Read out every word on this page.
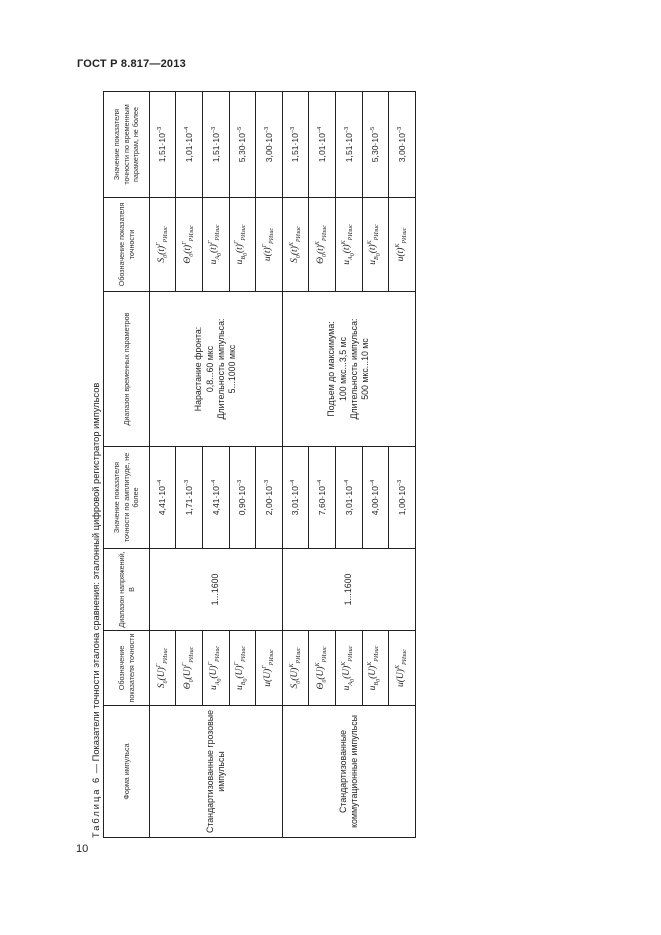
ГОСТ Р 8.817—2013
Таблица 6 — Показатели точности эталона сравнения: эталонный цифровой регистратор импульсов	Форма импульса	Обозначение показателя точности	Диапазон напряжений, В	Значение показателя точности по амплитуде, не более	Диапазон временных параметров	Обозначение показателя точности	Значение показателя точности по временным параметрам, не более
Стандартизованные грозовые импульсы	$S_0(U)^Г_{РИзис}$	1...1600	$4,41\cdot 10^{-4}$	Нарастание фронта: 0,8...60 мкс Длительность импульса: 5...1000 мкс	$S_0(t)^Г_{РИзис}$	$1,51\cdot 10^{-3}$
	$\Theta_0(U)^Г_{РИзис}$		$1,71\cdot 10^{-3}$		$\Theta_0(t)^Г_{РИзис}$	$1,01\cdot 10^{-4}$
	$u_{A_0}(U)^Г_{РИзис}$		$4,41\cdot 10^{-4}$		$u_{A_0}(t)^Г_{РИзис}$	$1,51\cdot 10^{-3}$
	$u_{B_0}(U)^Г_{РИзис}$		$0,90\cdot 10^{-3}$		$u_{B_0}(t)^Г_{РИзис}$	$5,30\cdot 10^{-5}$
	$u(U)^Г_{РИзис}$		$2,00\cdot 10^{-3}$		$u(t)^Г_{РИзис}$	$3,00\cdot 10^{-3}$
Стандартизованные коммутационные импульсы	$S_0(U)^К_{РИзис}$	1...1600	$3,01\cdot 10^{-4}$	Подъем до максимума: 100 мкс...3,5 мс Длительность импульса: 500 мкс...10 мс	$S_0(t)^К_{РИзис}$	$1,51\cdot 10^{-3}$
	$\Theta_0(U)^К_{РИзис}$		$7,60\cdot 10^{-4}$		$\Theta_0(t)^К_{РИзис}$	$1,01\cdot 10^{-4}$
	$u_{A_0}(U)^К_{РИзис}$		$3,01\cdot 10^{-4}$		$u_{A_0}(t)^К_{РИзис}$	$1,51\cdot 10^{-3}$
	$u_{B_0}(U)^К_{РИзис}$		$4,00\cdot 10^{-4}$		$u_{B_0}(t)^К_{РИзис}$	$5,30\cdot 10^{-5}$
	$u(U)^К_{РИзис}$		$1,00\cdot 10^{-3}$		$u(t)^К_{РИзис}$	$3,00\cdot 10^{-3}$
10
